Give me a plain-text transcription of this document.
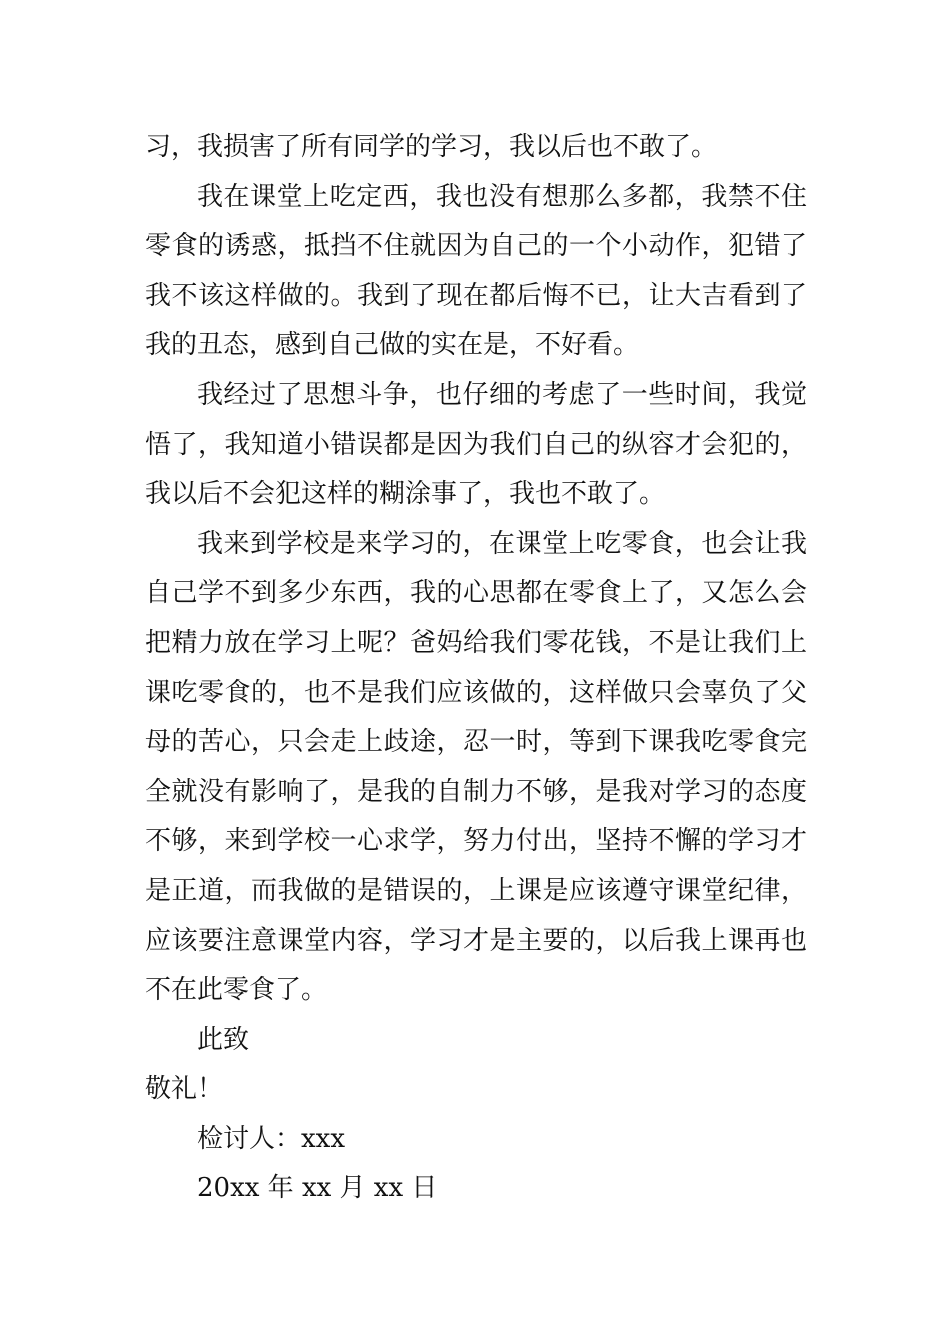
习，我损害了所有同学的学习，我以后也不敢了。

我在课堂上吃定西，我也没有想那么多都，我禁不住零食的诱惑，抵挡不住就因为自己的一个小动作，犯错了我不该这样做的。我到了现在都后悔不已，让大吉看到了我的丑态，感到自己做的实在是，不好看。

我经过了思想斗争，也仔细的考虑了一些时间，我觉悟了，我知道小错误都是因为我们自己的纵容才会犯的，我以后不会犯这样的糊涂事了，我也不敢了。

我来到学校是来学习的，在课堂上吃零食，也会让我自己学不到多少东西，我的心思都在零食上了，又怎么会把精力放在学习上呢？爸妈给我们零花钱，不是让我们上课吃零食的，也不是我们应该做的，这样做只会辜负了父母的苦心，只会走上歧途，忍一时，等到下课我吃零食完全就没有影响了，是我的自制力不够，是我对学习的态度不够，来到学校一心求学，努力付出，坚持不懈的学习才是正道，而我做的是错误的，上课是应该遵守课堂纪律，应该要注意课堂内容，学习才是主要的，以后我上课再也不在此零食了。

此致

敬礼！

检讨人：xxx

20xx 年 xx 月 xx 日
